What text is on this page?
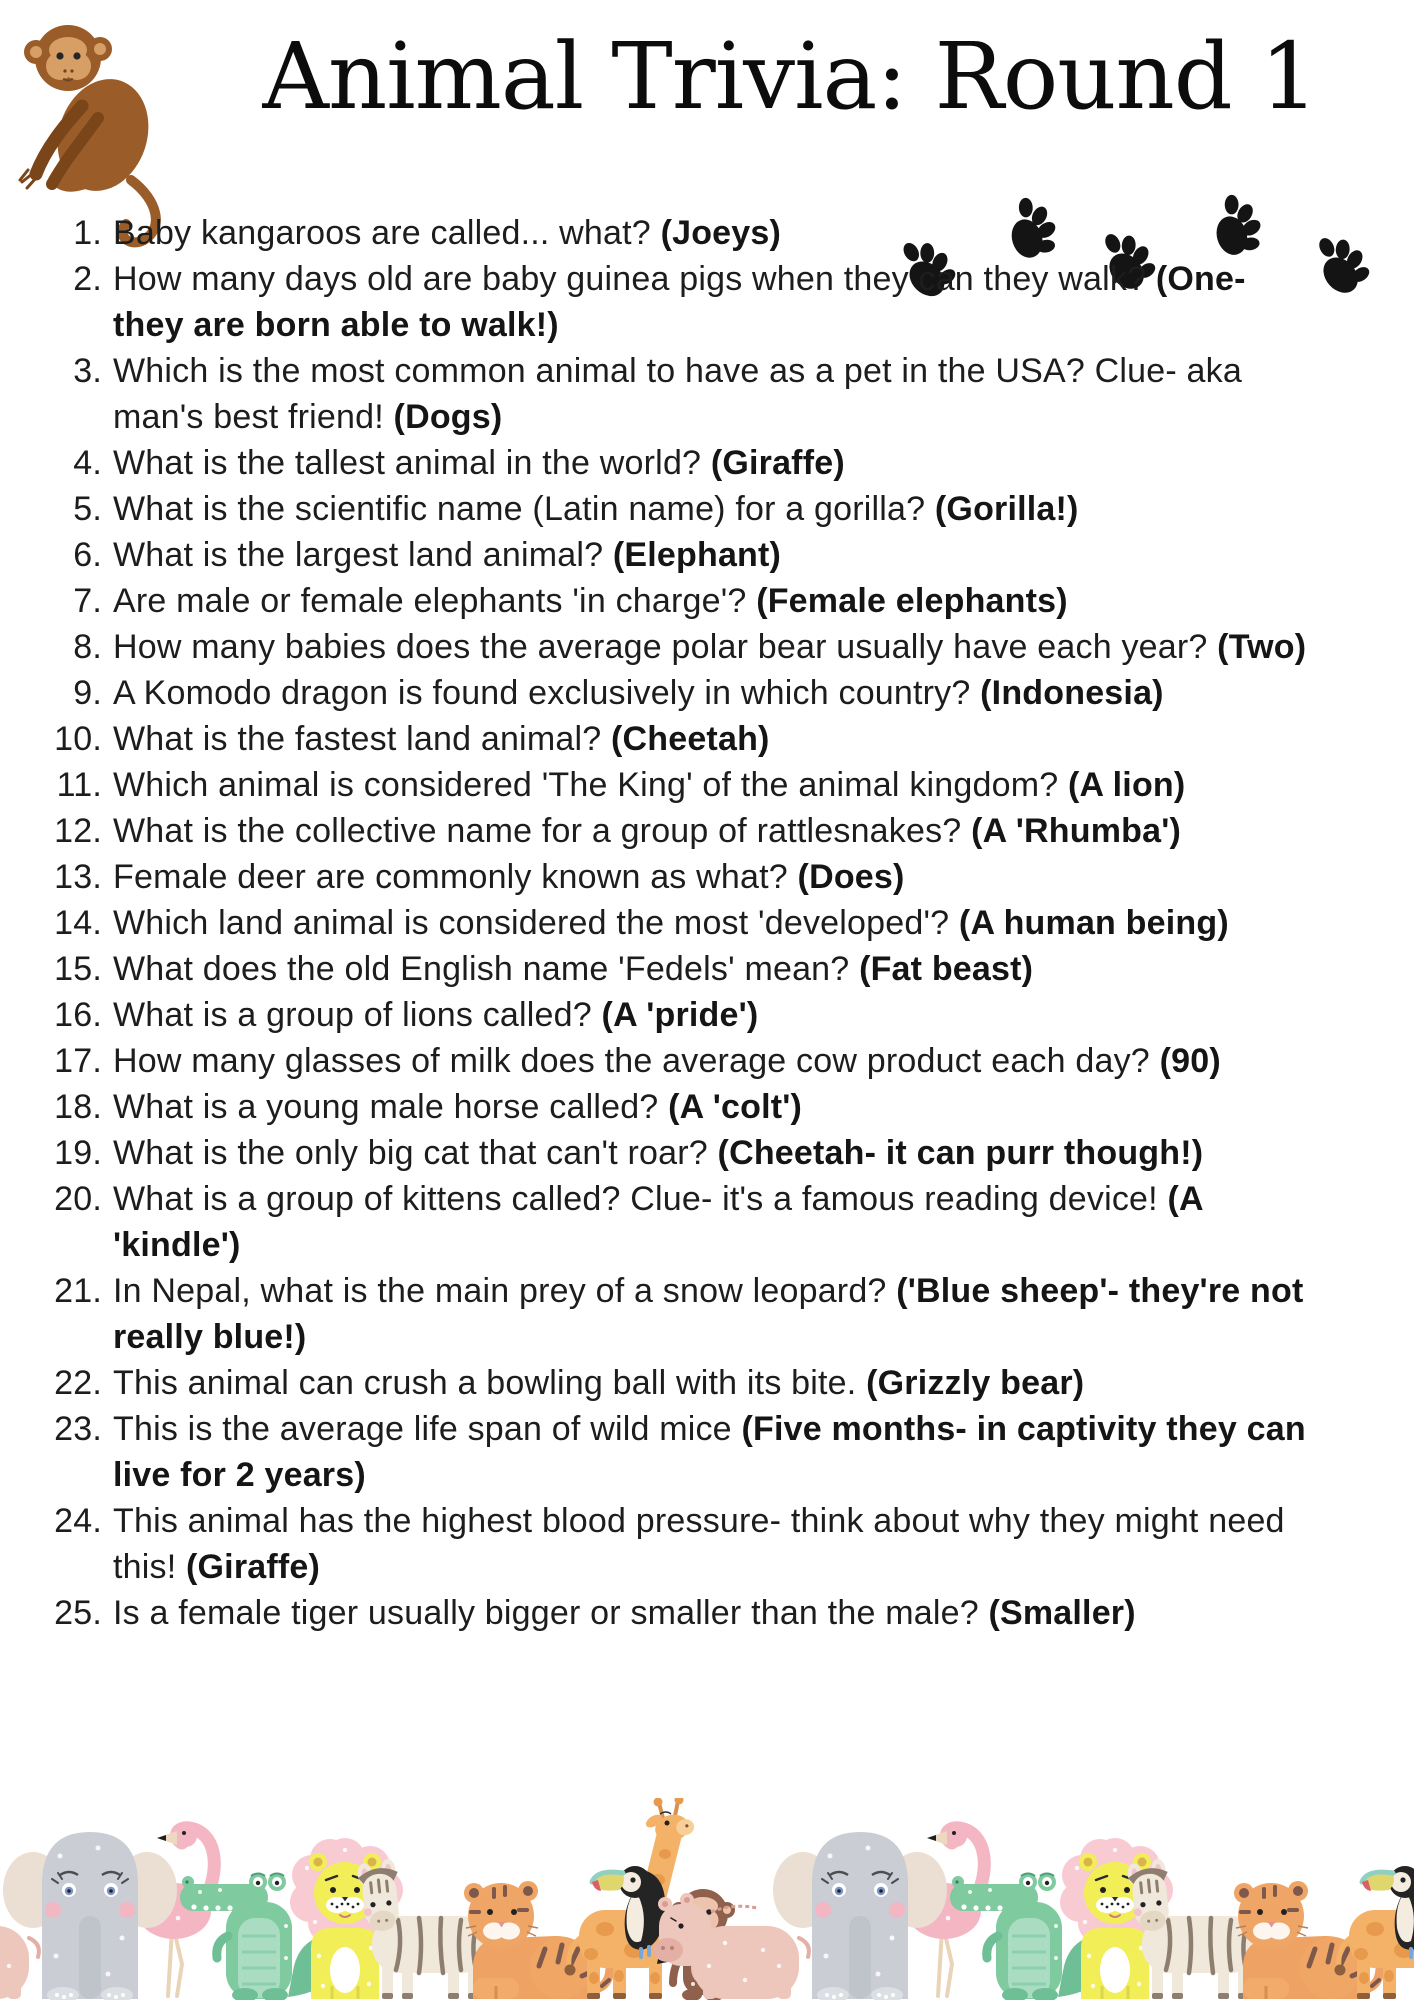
Animal Trivia: Round 1
1. Baby kangaroos are called... what? (Joeys)
2. How many days old are baby guinea pigs when they can they walk? (One- they are born able to walk!)
3. Which is the most common animal to have as a pet in the USA? Clue- aka man's best friend! (Dogs)
4. What is the tallest animal in the world? (Giraffe)
5. What is the scientific name (Latin name) for a gorilla? (Gorilla!)
6. What is the largest land animal? (Elephant)
7. Are male or female elephants 'in charge'? (Female elephants)
8. How many babies does the average polar bear usually have each year? (Two)
9. A Komodo dragon is found exclusively in which country? (Indonesia)
10. What is the fastest land animal? (Cheetah)
11. Which animal is considered 'The King' of the animal kingdom? (A lion)
12. What is the collective name for a group of rattlesnakes? (A 'Rhumba')
13. Female deer are commonly known as what? (Does)
14. Which land animal is considered the most 'developed'? (A human being)
15. What does the old English name 'Fedels' mean? (Fat beast)
16. What is a group of lions called? (A 'pride')
17. How many glasses of milk does the average cow product each day? (90)
18. What is a young male horse called? (A 'colt')
19. What is the only big cat that can't roar? (Cheetah- it can purr though!)
20. What is a group of kittens called? Clue- it's a famous reading device! (A 'kindle')
21. In Nepal, what is the main prey of a snow leopard? ('Blue sheep'- they're not really blue!)
22. This animal can crush a bowling ball with its bite. (Grizzly bear)
23. This is the average life span of wild mice (Five months- in captivity they can live for 2 years)
24. This animal has the highest blood pressure- think about why they might need this! (Giraffe)
25. Is a female tiger usually bigger or smaller than the male? (Smaller)
